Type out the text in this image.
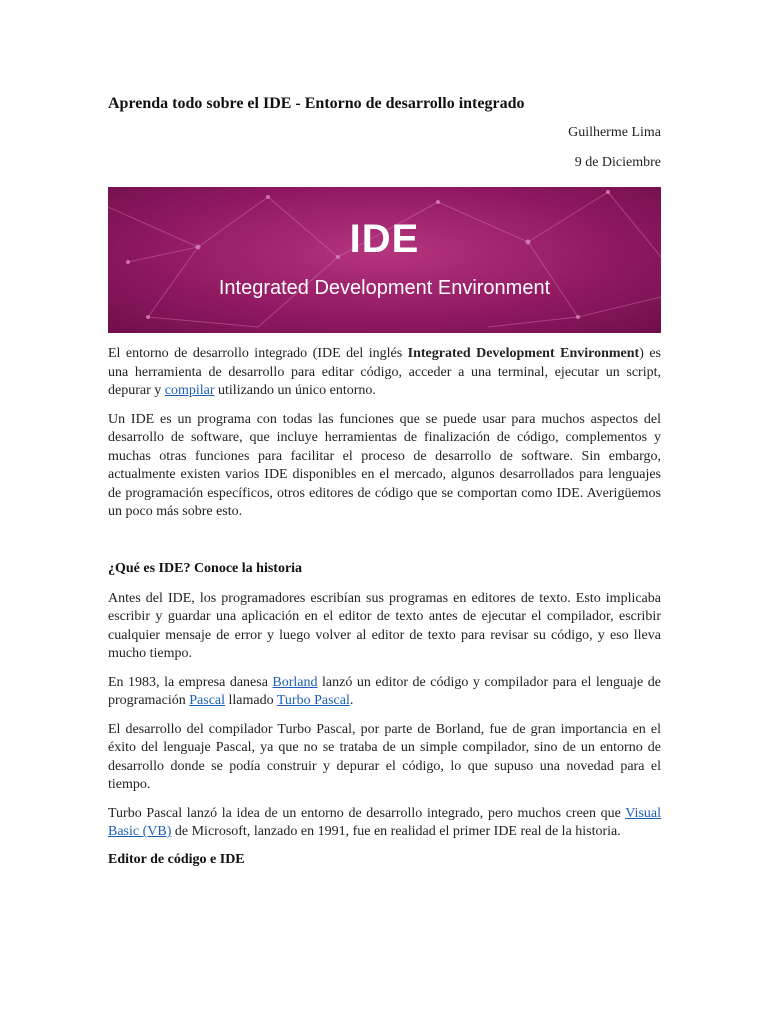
Aprenda todo sobre el IDE - Entorno de desarrollo integrado
Guilherme Lima
9 de Diciembre
IDE
Integrated Development Environment

El entorno de desarrollo integrado (IDE del inglés Integrated Development Environment) es una herramienta de desarrollo para editar código, acceder a una terminal, ejecutar un script, depurar y compilar utilizando un único entorno.

Un IDE es un programa con todas las funciones que se puede usar para muchos aspectos del desarrollo de software, que incluye herramientas de finalización de código, complementos y muchas otras funciones para facilitar el proceso de desarrollo de software. Sin embargo, actualmente existen varios IDE disponibles en el mercado, algunos desarrollados para lenguajes de programación específicos, otros editores de código que se comportan como IDE. Averigüemos un poco más sobre esto.

¿Qué es IDE? Conoce la historia

Antes del IDE, los programadores escribían sus programas en editores de texto. Esto implicaba escribir y guardar una aplicación en el editor de texto antes de ejecutar el compilador, escribir cualquier mensaje de error y luego volver al editor de texto para revisar su código, y eso lleva mucho tiempo.

En 1983, la empresa danesa Borland lanzó un editor de código y compilador para el lenguaje de programación Pascal llamado Turbo Pascal.

El desarrollo del compilador Turbo Pascal, por parte de Borland, fue de gran importancia en el éxito del lenguaje Pascal, ya que no se trataba de un simple compilador, sino de un entorno de desarrollo donde se podía construir y depurar el código, lo que supuso una novedad para el tiempo.

Turbo Pascal lanzó la idea de un entorno de desarrollo integrado, pero muchos creen que Visual Basic (VB) de Microsoft, lanzado en 1991, fue en realidad el primer IDE real de la historia.

Editor de código e IDE
